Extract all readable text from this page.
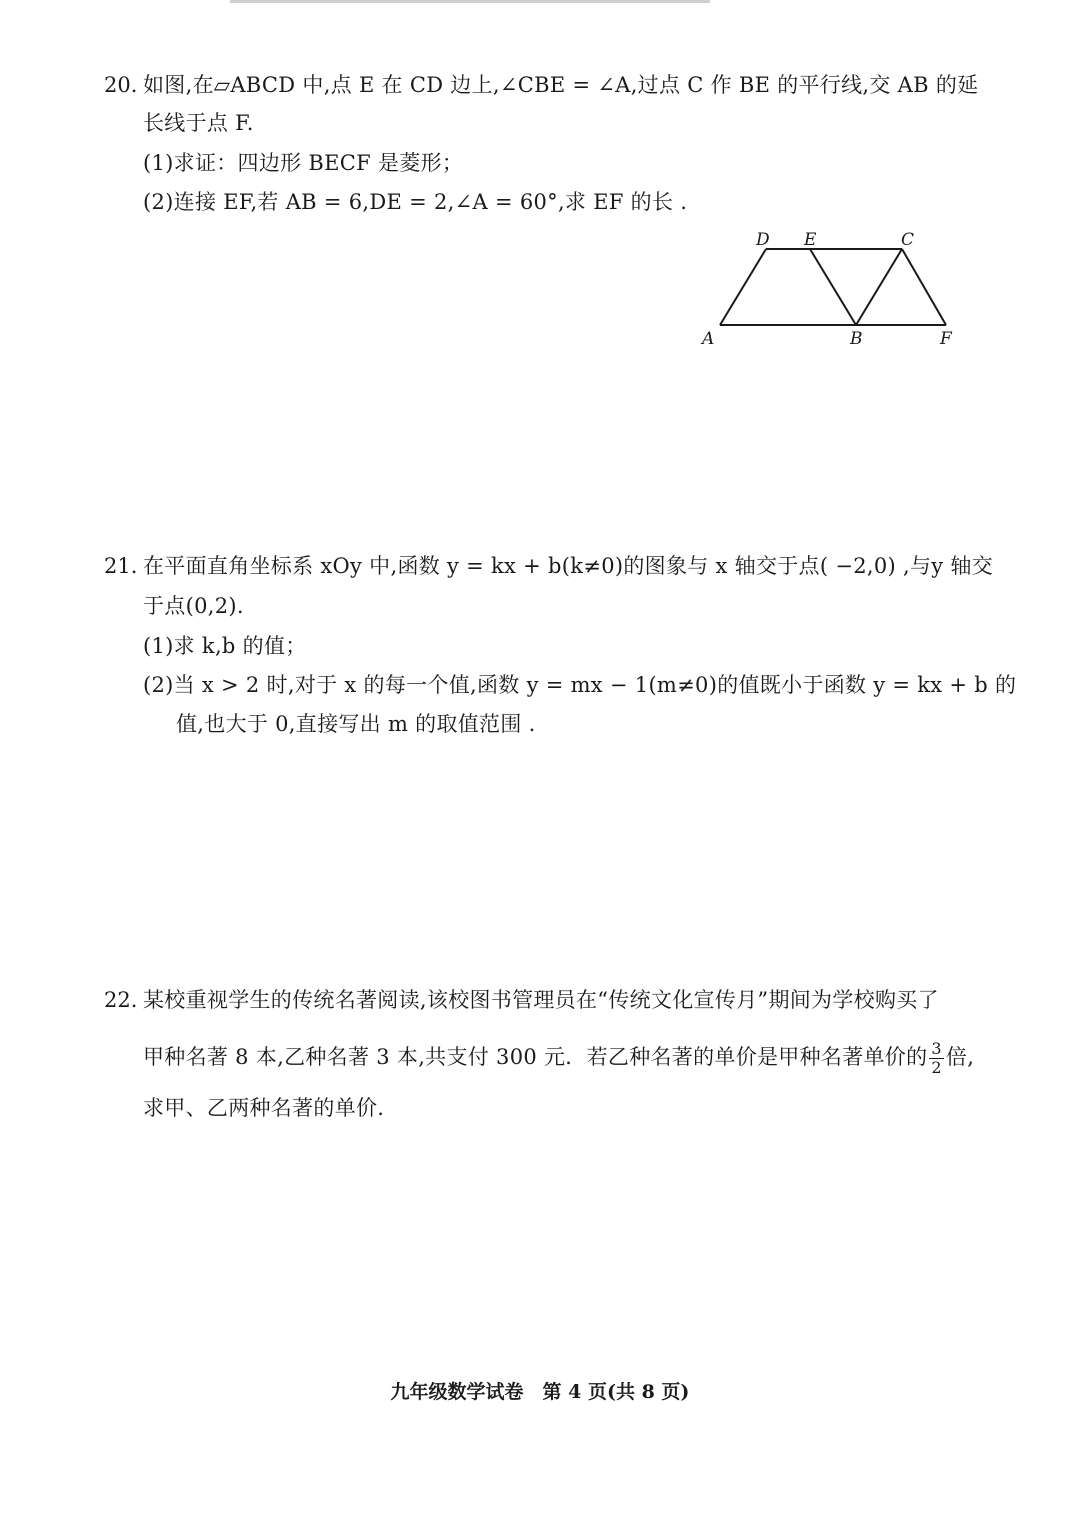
20. 如图,在▱ABCD 中,点 E 在 CD 边上,∠CBE = ∠A,过点 C 作 BE 的平行线,交 AB 的延
长线于点 F.
(1)求证：四边形 BECF 是菱形；
(2)连接 EF,若 AB = 6,DE = 2,∠A = 60°,求 EF 的长 .
D E	C
A	B	F
21. 在平面直角坐标系 xOy 中,函数 y = kx + b(k≠0)的图象与 x 轴交于点( −2,0) ,与y 轴交
于点(0,2).
(1)求 k,b 的值；
(2)当 x > 2 时,对于 x 的每一个值,函数 y = mx − 1(m≠0)的值既小于函数 y = kx + b 的
值,也大于 0,直接写出 m 的取值范围 .
22. 某校重视学生的传统名著阅读,该校图书管理员在“传统文化宣传月”期间为学校购买了
甲种名著 8 本,乙种名著 3 本,共支付 300 元．若乙种名著的单价是甲种名著单价的 $\frac{3}{2}$ 倍,
求甲、乙两种名著的单价.
九年级数学试卷　第 4 页(共 8 页)
